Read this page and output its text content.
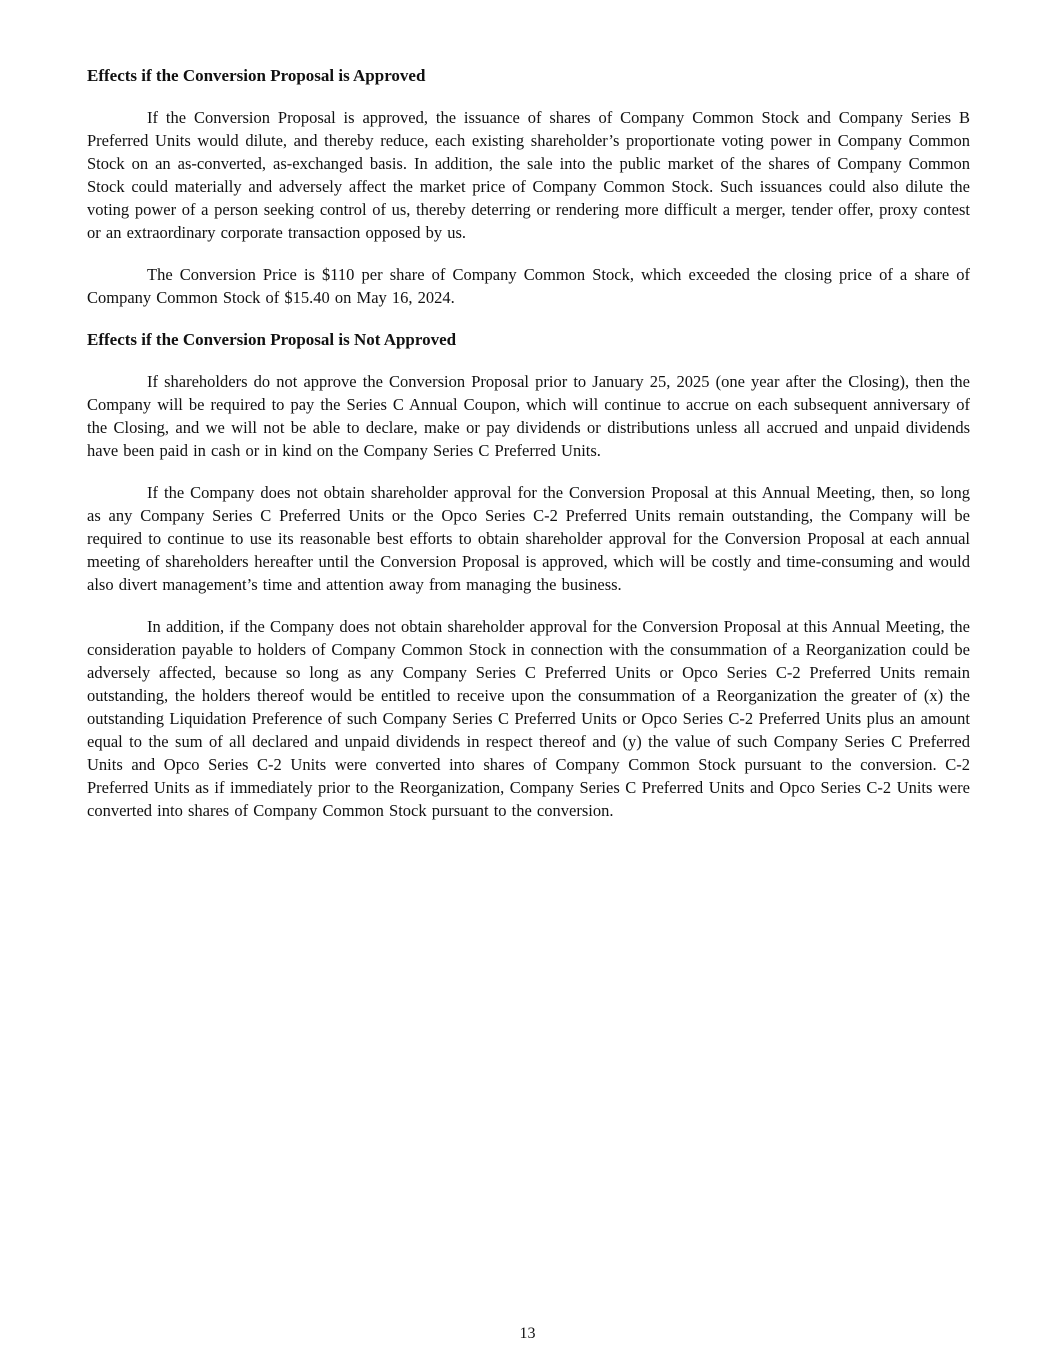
Effects if the Conversion Proposal is Approved

If the Conversion Proposal is approved, the issuance of shares of Company Common Stock and Company Series B Preferred Units would dilute, and thereby reduce, each existing shareholder’s proportionate voting power in Company Common Stock on an as-converted, as-exchanged basis. In addition, the sale into the public market of the shares of Company Common Stock could materially and adversely affect the market price of Company Common Stock. Such issuances could also dilute the voting power of a person seeking control of us, thereby deterring or rendering more difficult a merger, tender offer, proxy contest or an extraordinary corporate transaction opposed by us.

The Conversion Price is $110 per share of Company Common Stock, which exceeded the closing price of a share of Company Common Stock of $15.40 on May 16, 2024.

Effects if the Conversion Proposal is Not Approved

If shareholders do not approve the Conversion Proposal prior to January 25, 2025 (one year after the Closing), then the Company will be required to pay the Series C Annual Coupon, which will continue to accrue on each subsequent anniversary of the Closing, and we will not be able to declare, make or pay dividends or distributions unless all accrued and unpaid dividends have been paid in cash or in kind on the Company Series C Preferred Units.

If the Company does not obtain shareholder approval for the Conversion Proposal at this Annual Meeting, then, so long as any Company Series C Preferred Units or the Opco Series C-2 Preferred Units remain outstanding, the Company will be required to continue to use its reasonable best efforts to obtain shareholder approval for the Conversion Proposal at each annual meeting of shareholders hereafter until the Conversion Proposal is approved, which will be costly and time-consuming and would also divert management’s time and attention away from managing the business.

In addition, if the Company does not obtain shareholder approval for the Conversion Proposal at this Annual Meeting, the consideration payable to holders of Company Common Stock in connection with the consummation of a Reorganization could be adversely affected, because so long as any Company Series C Preferred Units or Opco Series C-2 Preferred Units remain outstanding, the holders thereof would be entitled to receive upon the consummation of a Reorganization the greater of (x) the outstanding Liquidation Preference of such Company Series C Preferred Units or Opco Series C-2 Preferred Units plus an amount equal to the sum of all declared and unpaid dividends in respect thereof and (y) the value of such Company Series C Preferred Units and Opco Series C-2 Units were converted into shares of Company Common Stock pursuant to the conversion. C-2 Preferred Units as if immediately prior to the Reorganization, Company Series C Preferred Units and Opco Series C-2 Units were converted into shares of Company Common Stock pursuant to the conversion.

13
